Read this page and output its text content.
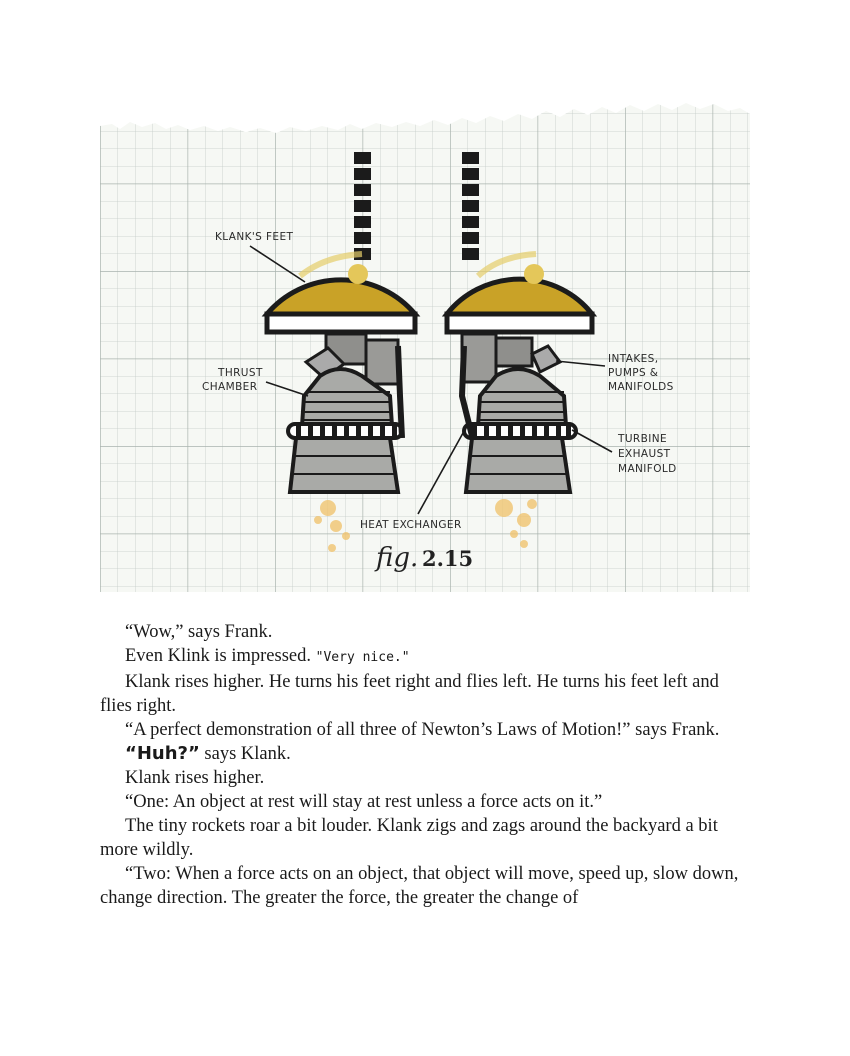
KLANK'S FEET
THRUST
CHAMBER
INTAKES,
PUMPS &
MANIFOLDS
TURBINE
EXHAUST
MANIFOLD
HEAT EXCHANGER
fig. 2.15

“Wow,” says Frank.

Even Klink is impressed. "Very nice."

Klank rises higher. He turns his feet right and flies left. He turns his feet left and flies right.

“A perfect demonstration of all three of Newton’s Laws of Motion!” says Frank.

“Huh?” says Klank.

Klank rises higher.

“One: An object at rest will stay at rest unless a force acts on it.”

The tiny rockets roar a bit louder. Klank zigs and zags around the backyard a bit more wildly.

“Two: When a force acts on an object, that object will move, speed up, slow down, change direction. The greater the force, the greater the change of
